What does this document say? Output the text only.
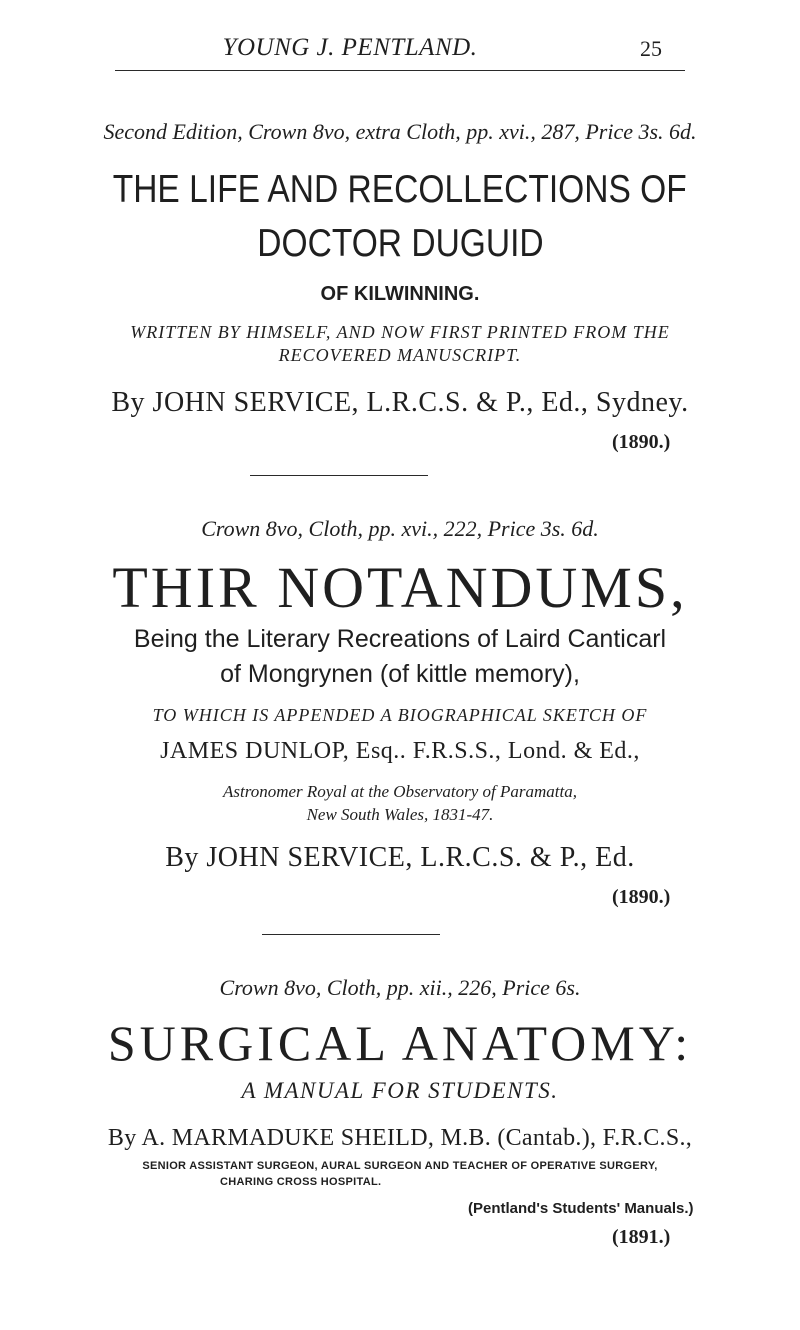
YOUNG J. PENTLAND.	25
Second Edition, Crown 8vo, extra Cloth, pp. xvi., 287, Price 3s. 6d.
THE LIFE AND RECOLLECTIONS OF
DOCTOR DUGUID
OF KILWINNING.
WRITTEN BY HIMSELF, AND NOW FIRST PRINTED FROM THE
RECOVERED MANUSCRIPT.
By JOHN SERVICE, L.R.C.S. & P., Ed., Sydney.
(1890.)
Crown 8vo, Cloth, pp. xvi., 222, Price 3s. 6d.
THIR NOTANDUMS,
Being the Literary Recreations of Laird Canticarl
of Mongrynen (of kittle memory),
TO WHICH IS APPENDED A BIOGRAPHICAL SKETCH OF
JAMES DUNLOP, Esq.. F.R.S.S., Lond. & Ed.,
Astronomer Royal at the Observatory of Paramatta,
New South Wales, 1831-47.
By JOHN SERVICE, L.R.C.S. & P., Ed.
(1890.)
Crown 8vo, Cloth, pp. xii., 226, Price 6s.
SURGICAL ANATOMY:
A MANUAL FOR STUDENTS.
By A. MARMADUKE SHEILD, M.B. (Cantab.), F.R.C.S.,
SENIOR ASSISTANT SURGEON, AURAL SURGEON AND TEACHER OF OPERATIVE SURGERY,
CHARING CROSS HOSPITAL.
(Pentland's Students' Manuals.)
(1891.)
